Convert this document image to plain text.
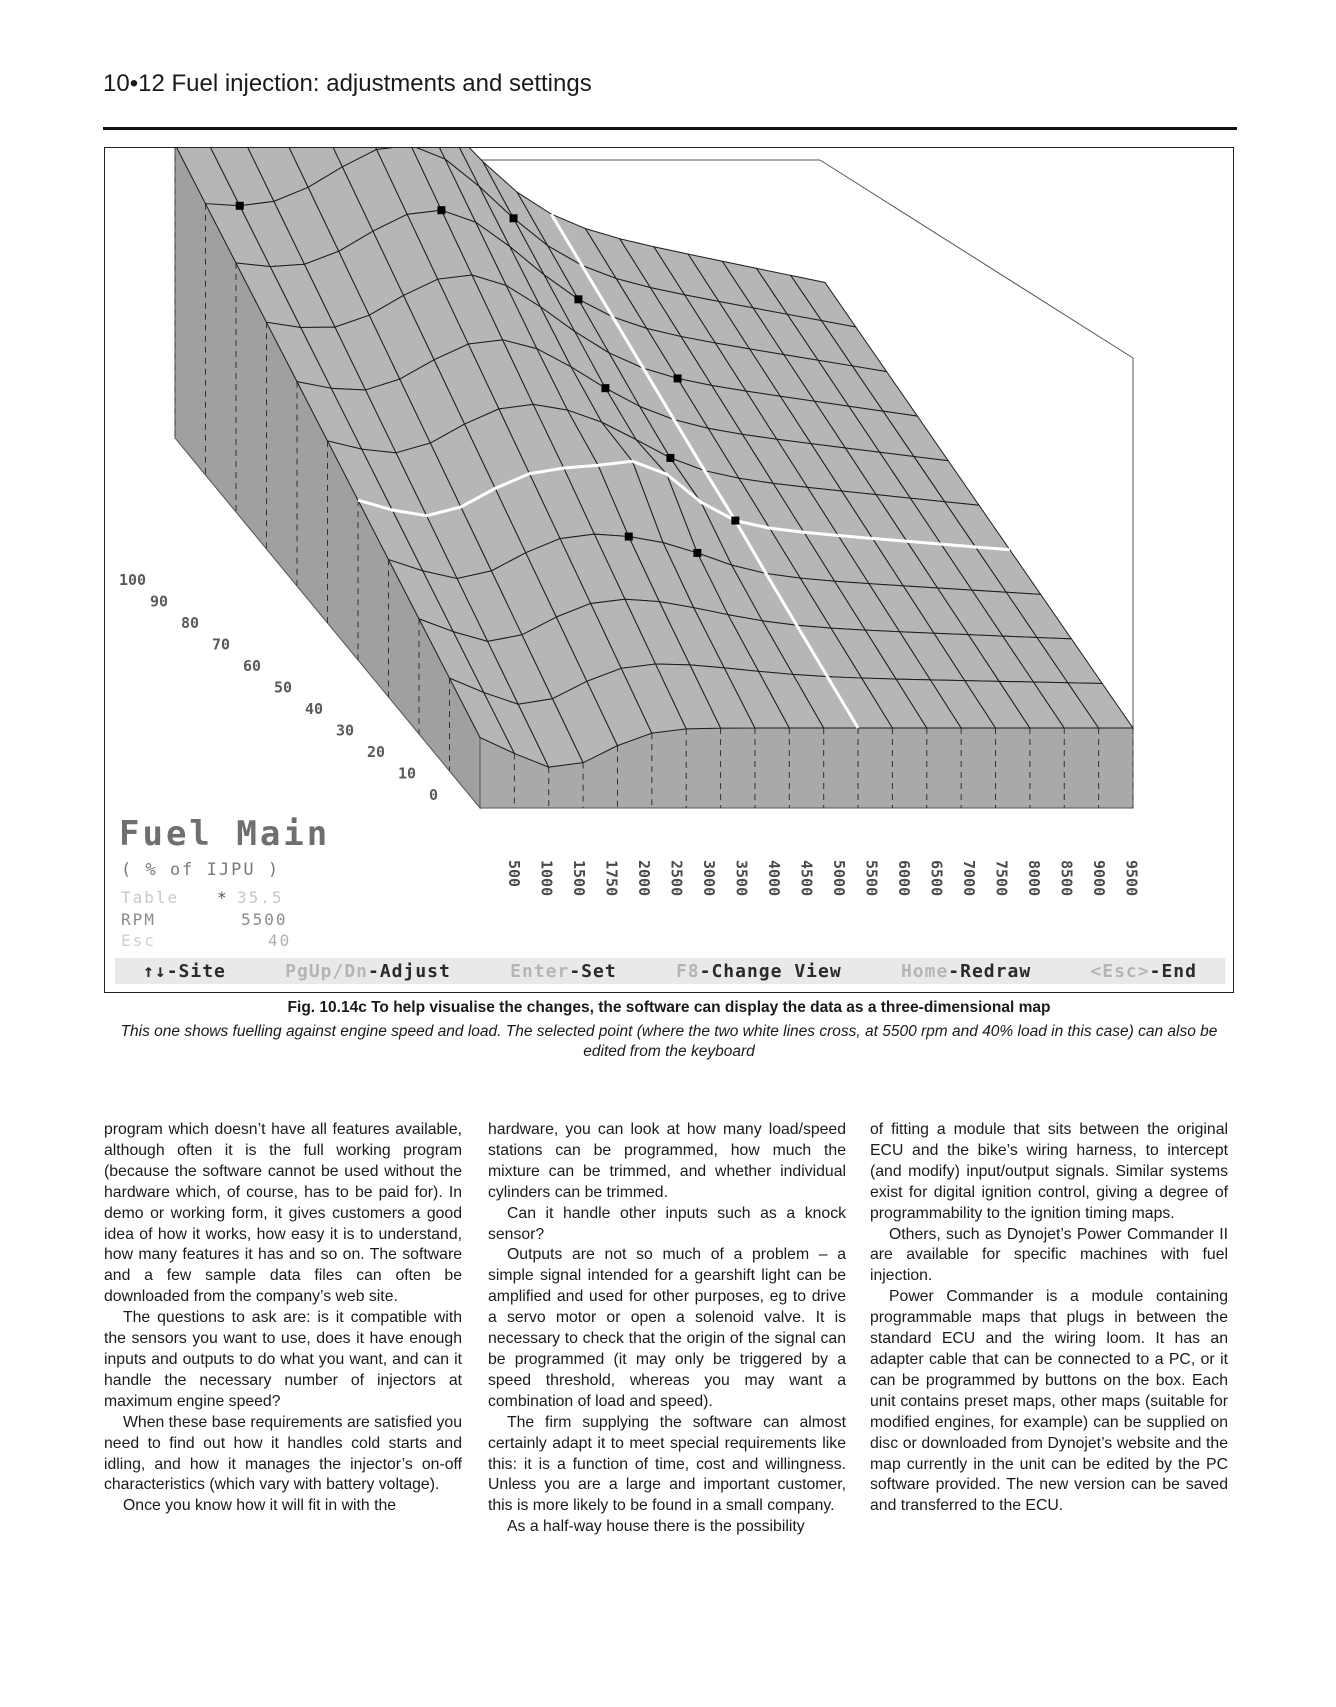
10•12 Fuel injection: adjustments and settings
500 1000 1500 1750 2000 2500 3000 3500 4000 4500 5000 5500 6000 6500 7000 7500 8000 8500 9000 9500
100
90
80
70
60
50
40
30
20
10
0
Fuel Main
( % of IJPU )
Table * 35.5
RPM	5500
Esc	40
↑↓-Site	PgUp/Dn-Adjust	Enter-Set	F8-Change View	Home-Redraw	<Esc>-End
Fig. 10.14c To help visualise the changes, the software can display the data as a three-dimensional map
This one shows fuelling against engine speed and load. The selected point (where the two white lines cross, at 5500 rpm and 40% load in this case) can also be edited from the keyboard

program which doesn’t have all features available, although often it is the full working program (because the software cannot be used without the hardware which, of course, has to be paid for). In demo or working form, it gives customers a good idea of how it works, how easy it is to understand, how many features it has and so on. The software and a few sample data files can often be downloaded from the company’s web site.

The questions to ask are: is it compatible with the sensors you want to use, does it have enough inputs and outputs to do what you want, and can it handle the necessary number of injectors at maximum engine speed?

When these base requirements are satisfied you need to find out how it handles cold starts and idling, and how it manages the injector’s on-off characteristics (which vary with battery voltage).

Once you know how it will fit in with the

hardware, you can look at how many load/speed stations can be programmed, how much the mixture can be trimmed, and whether individual cylinders can be trimmed.

Can it handle other inputs such as a knock sensor?

Outputs are not so much of a problem – a simple signal intended for a gearshift light can be amplified and used for other purposes, eg to drive a servo motor or open a solenoid valve. It is necessary to check that the origin of the signal can be programmed (it may only be triggered by a speed threshold, whereas you may want a combination of load and speed).

The firm supplying the software can almost certainly adapt it to meet special requirements like this: it is a function of time, cost and willingness. Unless you are a large and important customer, this is more likely to be found in a small company.

As a half-way house there is the possibility

of fitting a module that sits between the original ECU and the bike’s wiring harness, to intercept (and modify) input/output signals. Similar systems exist for digital ignition control, giving a degree of programmability to the ignition timing maps.

Others, such as Dynojet’s Power Commander II are available for specific machines with fuel injection.

Power Commander is a module containing programmable maps that plugs in between the standard ECU and the wiring loom. It has an adapter cable that can be connected to a PC, or it can be programmed by buttons on the box. Each unit contains preset maps, other maps (suitable for modified engines, for example) can be supplied on disc or downloaded from Dynojet’s website and the map currently in the unit can be edited by the PC software provided. The new version can be saved and transferred to the ECU.
